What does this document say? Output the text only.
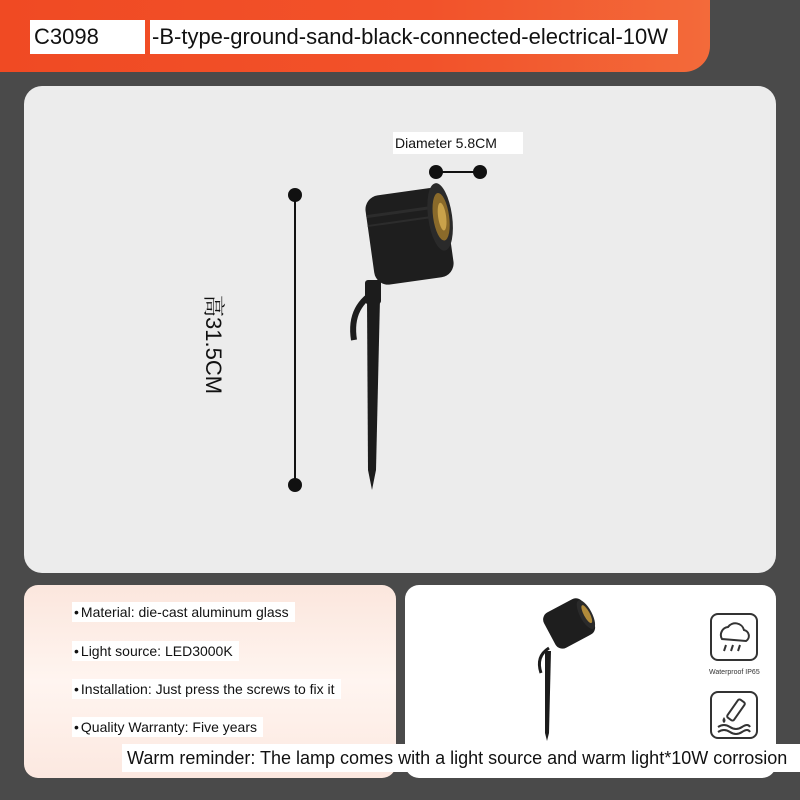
C3098	-B-type-ground-sand-black-connected-electrical-10W
高31.5CM
Diameter 5.8CM
• Material: die-cast aluminum glass
• Light source: LED3000K
• Installation: Just press the screws to fix it
• Quality Warranty: Five years
Waterproof IP65
Warm reminder: The lamp comes with a light source and warm light*10W corrosion
